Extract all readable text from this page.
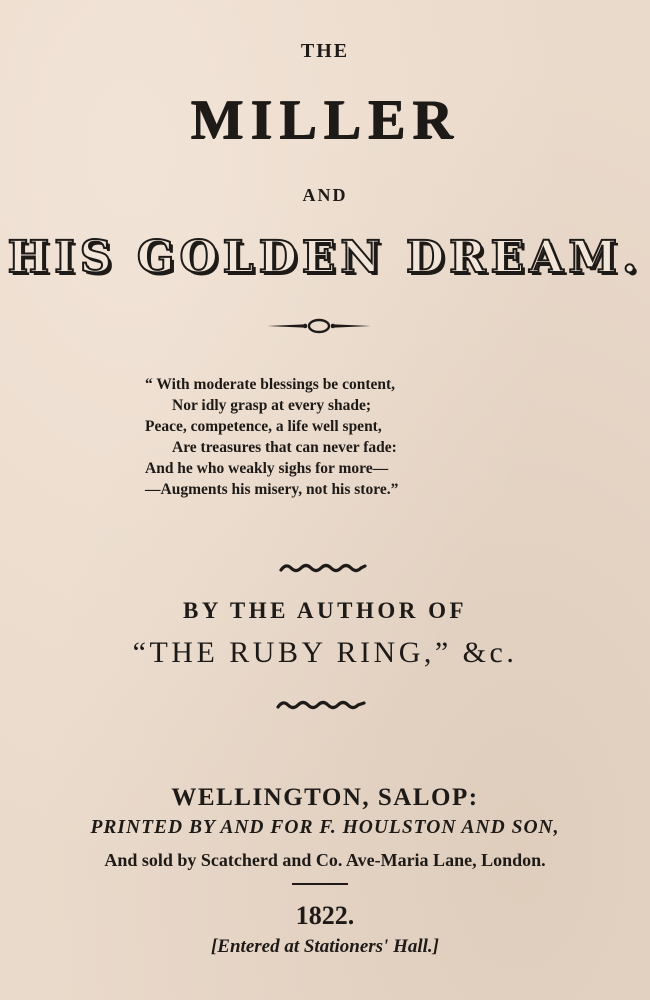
THE
MILLER
AND
HIS GOLDEN DREAM.
“ With moderate blessings be content,
Nor idly grasp at every shade;
Peace, competence, a life well spent,
Are treasures that can never fade:
And he who weakly sighs for more—
—Augments his misery, not his store.”
BY THE AUTHOR OF
“THE RUBY RING,” &c.
WELLINGTON, SALOP:
PRINTED BY AND FOR F. HOULSTON AND SON,
And sold by Scatcherd and Co. Ave-Maria Lane, London.
1822.
[Entered at Stationers' Hall.]
